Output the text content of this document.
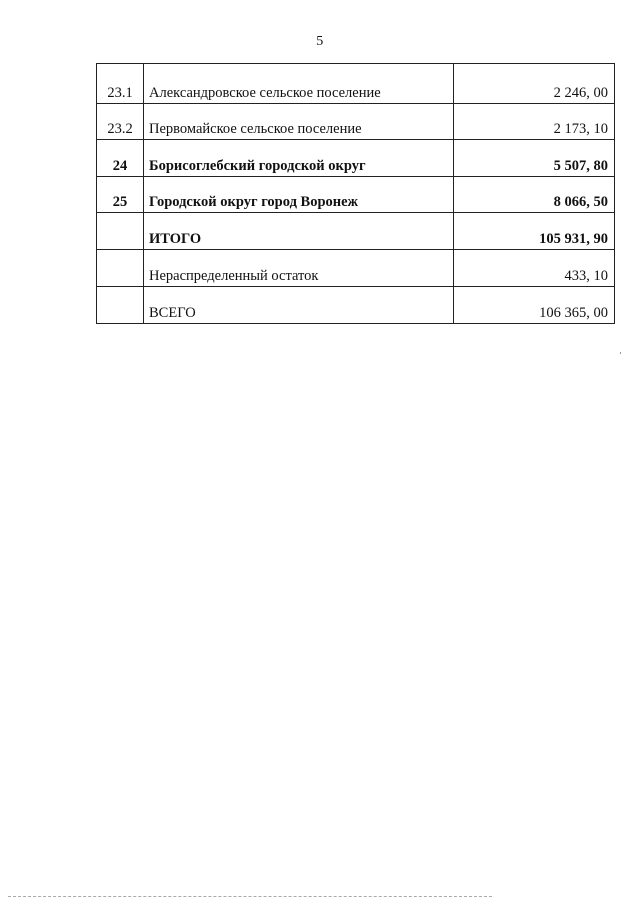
5
23.1	Александровское сельское поселение	2 246, 00
23.2	Первомайское сельское поселение	2 173, 10
24	Борисоглебский городской округ	5 507, 80
25	Городской округ город Воронеж	8 066, 50
	ИТОГО	105 931, 90
	Нераспределенный остаток	433, 10
	ВСЕГО	106 365, 00
